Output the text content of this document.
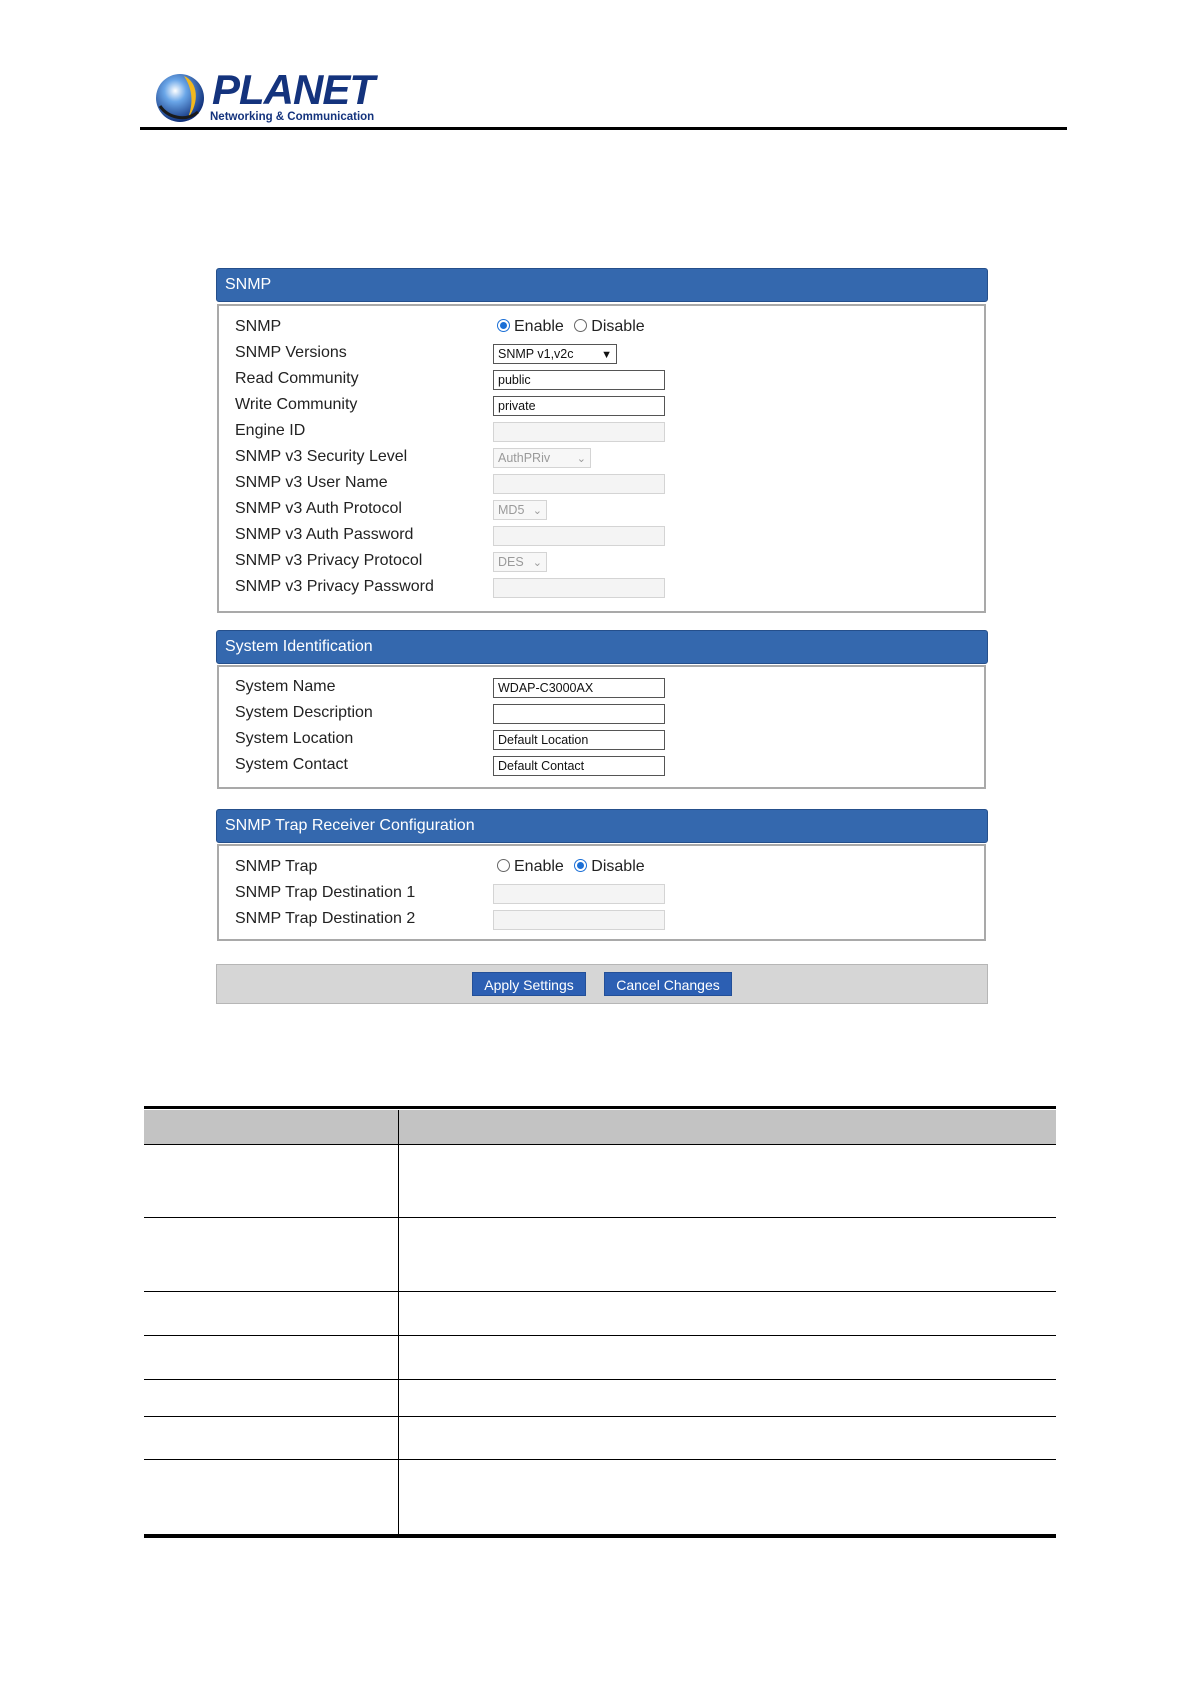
PLANET
Networking & Communication
SNMP
SNMP	Enable Disable
SNMP Versions	SNMP v1,v2c	▼
Read Community	public
Write Community	private
Engine ID
SNMP v3 Security Level	AuthPRiv ⌄
SNMP v3 User Name
SNMP v3 Auth Protocol	MD5 ⌄
SNMP v3 Auth Password
SNMP v3 Privacy Protocol	DES ⌄
SNMP v3 Privacy Password
System Identification
System Name	WDAP-C3000AX
System Description
System Location	Default Location
System Contact	Default Contact
SNMP Trap Receiver Configuration
SNMP Trap	Enable Disable
SNMP Trap Destination 1
SNMP Trap Destination 2
Apply Settings	Cancel Changes
